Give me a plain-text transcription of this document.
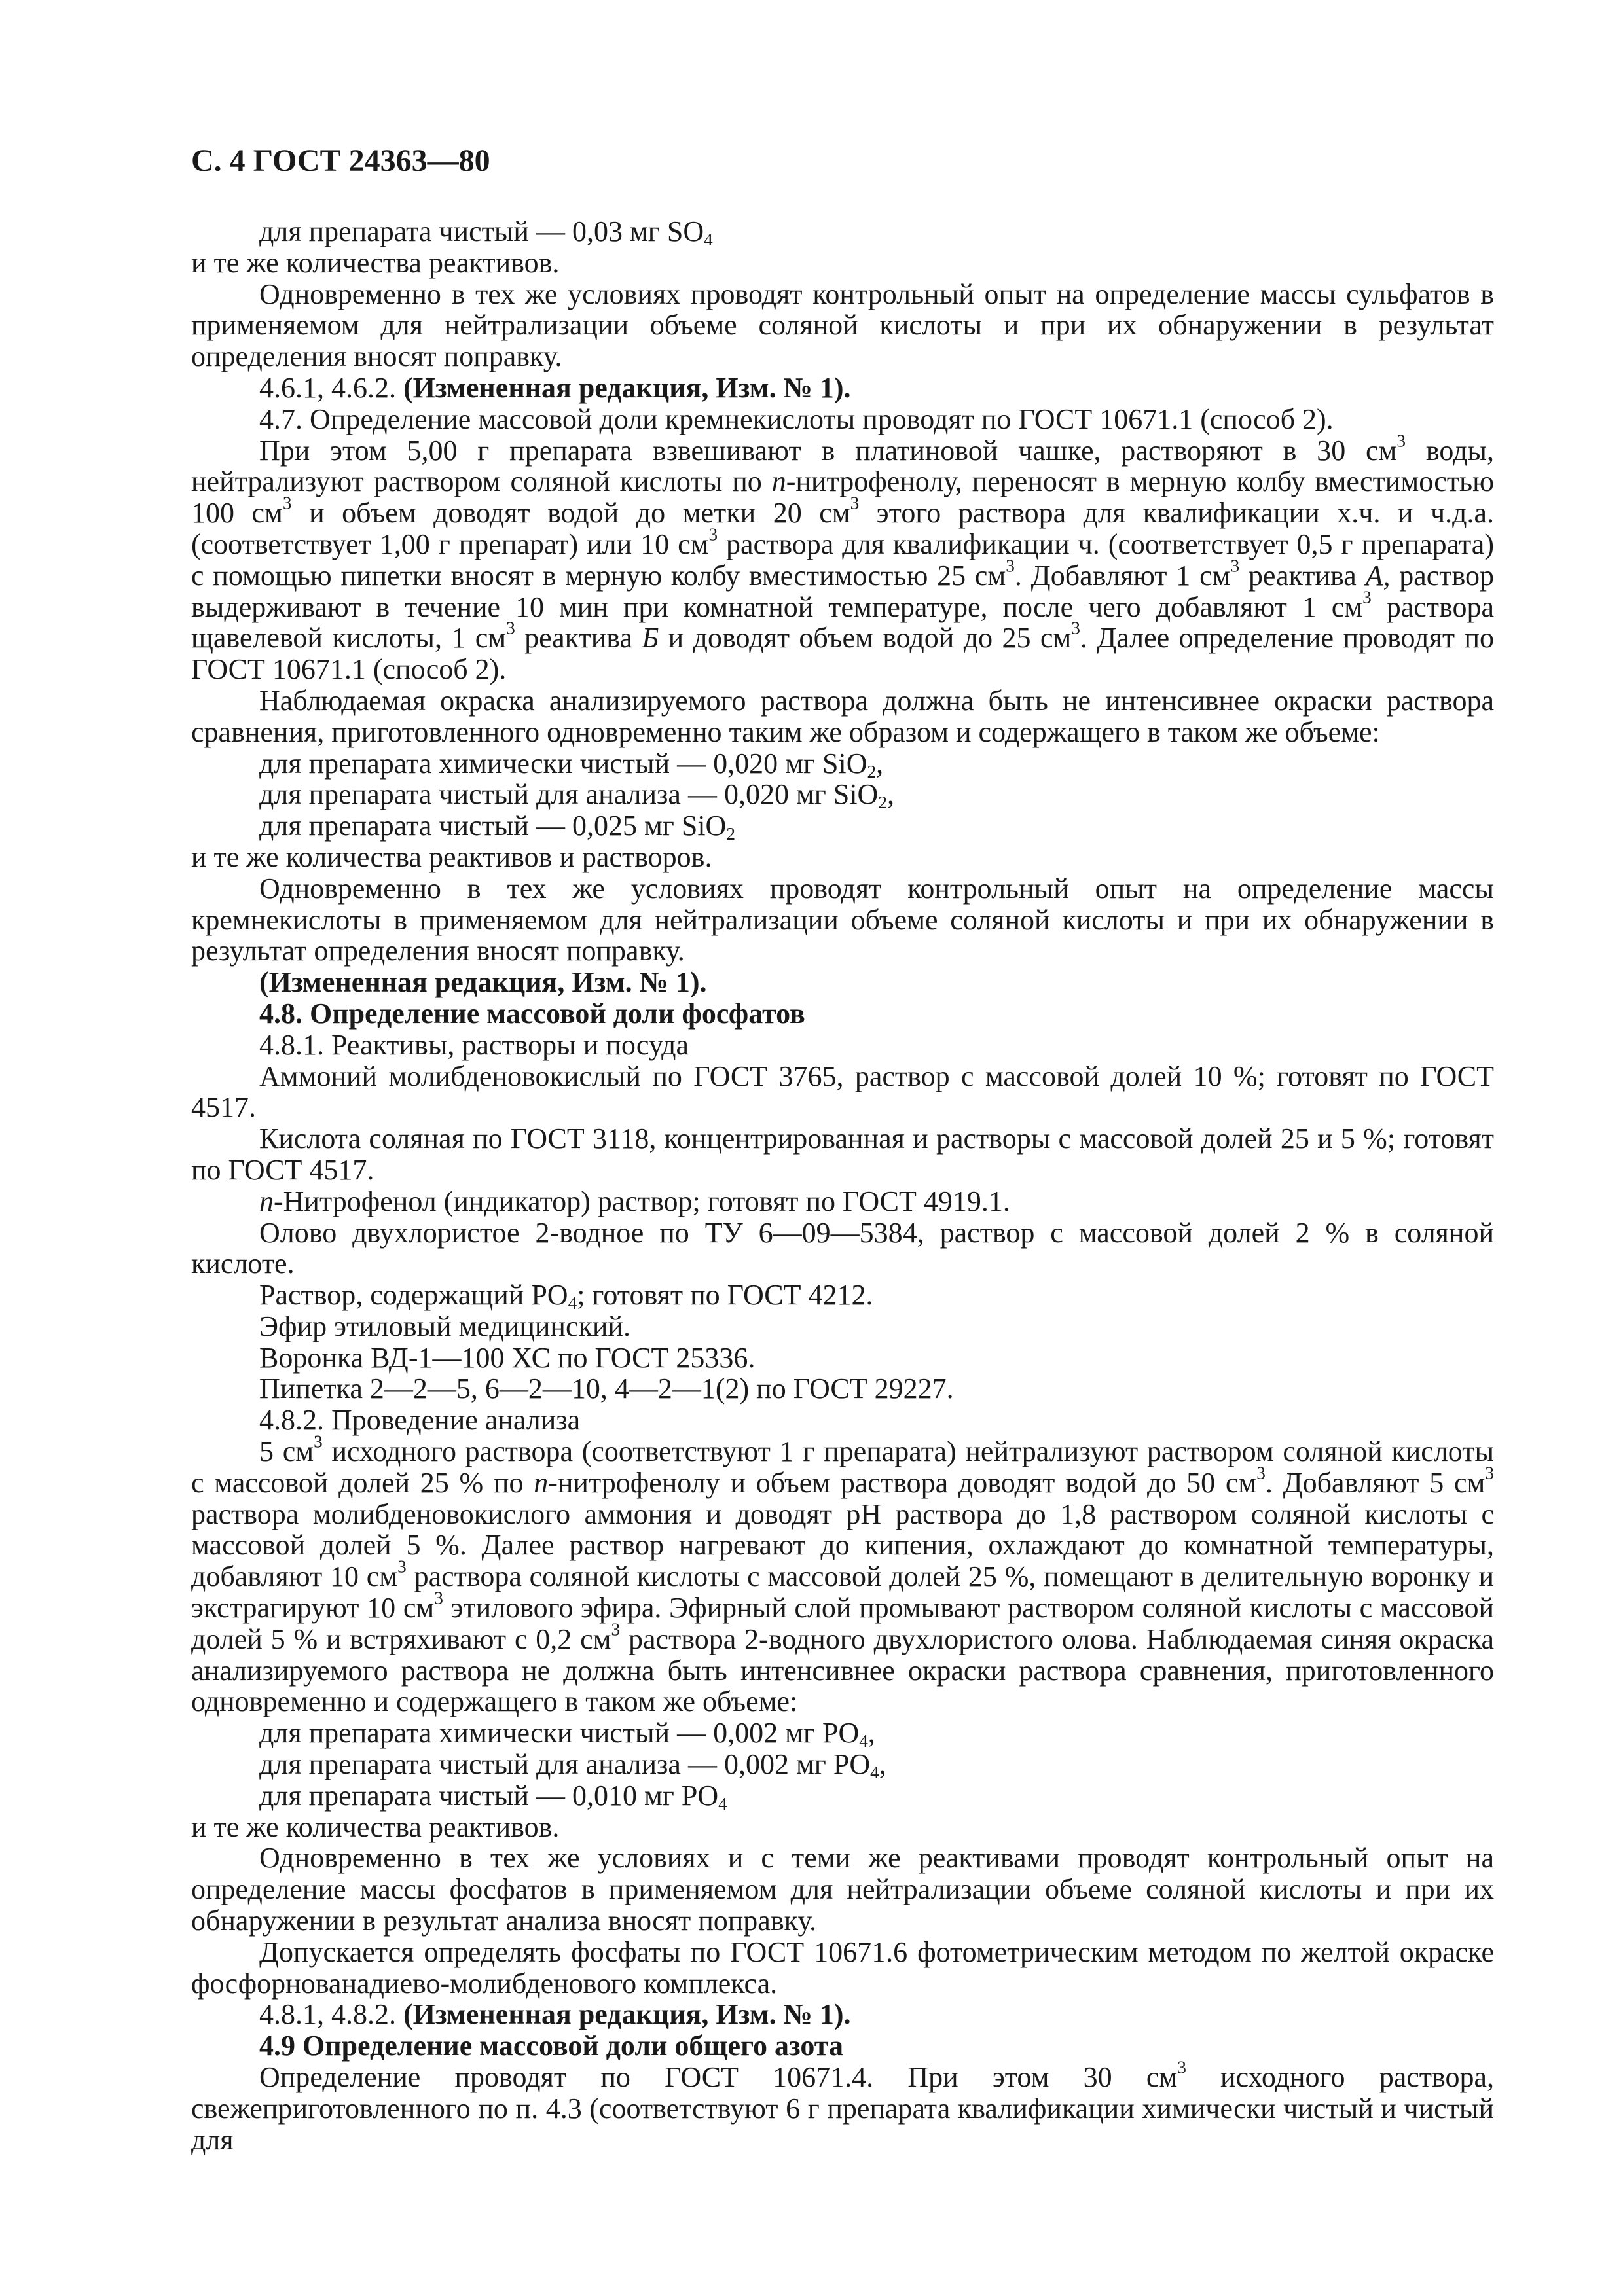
С. 4 ГОСТ 24363—80

для препарата чистый — 0,03 мг $SO_4$

и те же количества реактивов.

Одновременно в тех же условиях проводят контрольный опыт на определение массы сульфатов в применяемом для нейтрализации объеме соляной кислоты и при их обнаружении в результат определения вносят поправку.

4.6.1, 4.6.2. (Измененная редакция, Изм. № 1).

4.7. Определение массовой доли кремнекислоты проводят по ГОСТ 10671.1 (способ 2).

При этом 5,00 г препарата взвешивают в платиновой чашке, растворяют в 30 $см^3$ воды, нейтрализуют раствором соляной кислоты по n-нитрофенолу, переносят в мерную колбу вместимостью 100 $см^3$ и объем доводят водой до метки 20 $см^3$ этого раствора для квалификации х.ч. и ч.д.а. (соответствует 1,00 г препарат) или 10 $см^3$ раствора для квалификации ч. (соответствует 0,5 г препарата) с помощью пипетки вносят в мерную колбу вместимостью 25 $см^3$. Добавляют 1 $см^3$ реактива А, раствор выдерживают в течение 10 мин при комнатной температуре, после чего добавляют 1 $см^3$ раствора щавелевой кислоты, 1 $см^3$ реактива Б и доводят объем водой до 25 $см^3$. Далее определение проводят по ГОСТ 10671.1 (способ 2).

Наблюдаемая окраска анализируемого раствора должна быть не интенсивнее окраски раствора сравнения, приготовленного одновременно таким же образом и содержащего в таком же объеме:

для препарата химически чистый — 0,020 мг SiO$_2$,

для препарата чистый для анализа — 0,020 мг SiO$_2$,

для препарата чистый — 0,025 мг SiO$_2$

и те же количества реактивов и растворов.

Одновременно в тех же условиях проводят контрольный опыт на определение массы кремнекислоты в применяемом для нейтрализации объеме соляной кислоты и при их обнаружении в результат определения вносят поправку.

(Измененная редакция, Изм. № 1).

4.8. Определение массовой доли фосфатов

4.8.1. Реактивы, растворы и посуда

Аммоний молибденовокислый по ГОСТ 3765, раствор с массовой долей 10 %; готовят по ГОСТ 4517.

Кислота соляная по ГОСТ 3118, концентрированная и растворы с массовой долей 25 и 5 %; готовят по ГОСТ 4517.

n-Нитрофенол (индикатор) раствор; готовят по ГОСТ 4919.1.

Олово двухлористое 2-водное по ТУ 6—09—5384, раствор с массовой долей 2 % в соляной кислоте.

Раствор, содержащий $PO_4$; готовят по ГОСТ 4212.

Эфир этиловый медицинский.

Воронка ВД-1—100 ХС по ГОСТ 25336.

Пипетка 2—2—5, 6—2—10, 4—2—1(2) по ГОСТ 29227.

4.8.2. Проведение анализа

5 $см^3$ исходного раствора (соответствуют 1 г препарата) нейтрализуют раствором соляной кислоты с массовой долей 25 % по n-нитрофенолу и объем раствора доводят водой до 50 $см^3$. Добавляют 5 $см^3$ раствора молибденовокислого аммония и доводят pH раствора до 1,8 раствором соляной кислоты с массовой долей 5 %. Далее раствор нагревают до кипения, охлаждают до комнатной температуры, добавляют 10 $см^3$ раствора соляной кислоты с массовой долей 25 %, помещают в делительную воронку и экстрагируют 10 $см^3$ этилового эфира. Эфирный слой промывают раствором соляной кислоты с массовой долей 5 % и встряхивают с 0,2 $см^3$ раствора 2-водного двухлористого олова. Наблюдаемая синяя окраска анализируемого раствора не должна быть интенсивнее окраски раствора сравнения, приготовленного одновременно и содержащего в таком же объеме:

для препарата химически чистый — 0,002 мг $PO_4$,

для препарата чистый для анализа — 0,002 мг $PO_4$,

для препарата чистый — 0,010 мг $PO_4$

и те же количества реактивов.

Одновременно в тех же условиях и с теми же реактивами проводят контрольный опыт на определение массы фосфатов в применяемом для нейтрализации объеме соляной кислоты и при их обнаружении в результат анализа вносят поправку.

Допускается определять фосфаты по ГОСТ 10671.6 фотометрическим методом по желтой окраске фосфорнованадиево-молибденового комплекса.

4.8.1, 4.8.2. (Измененная редакция, Изм. № 1).

4.9 Определение массовой доли общего азота

Определение проводят по ГОСТ 10671.4. При этом 30 $см^3$ исходного раствора, свежеприготовленного по п. 4.3 (соответствуют 6 г препарата квалификации химически чистый и чистый для
